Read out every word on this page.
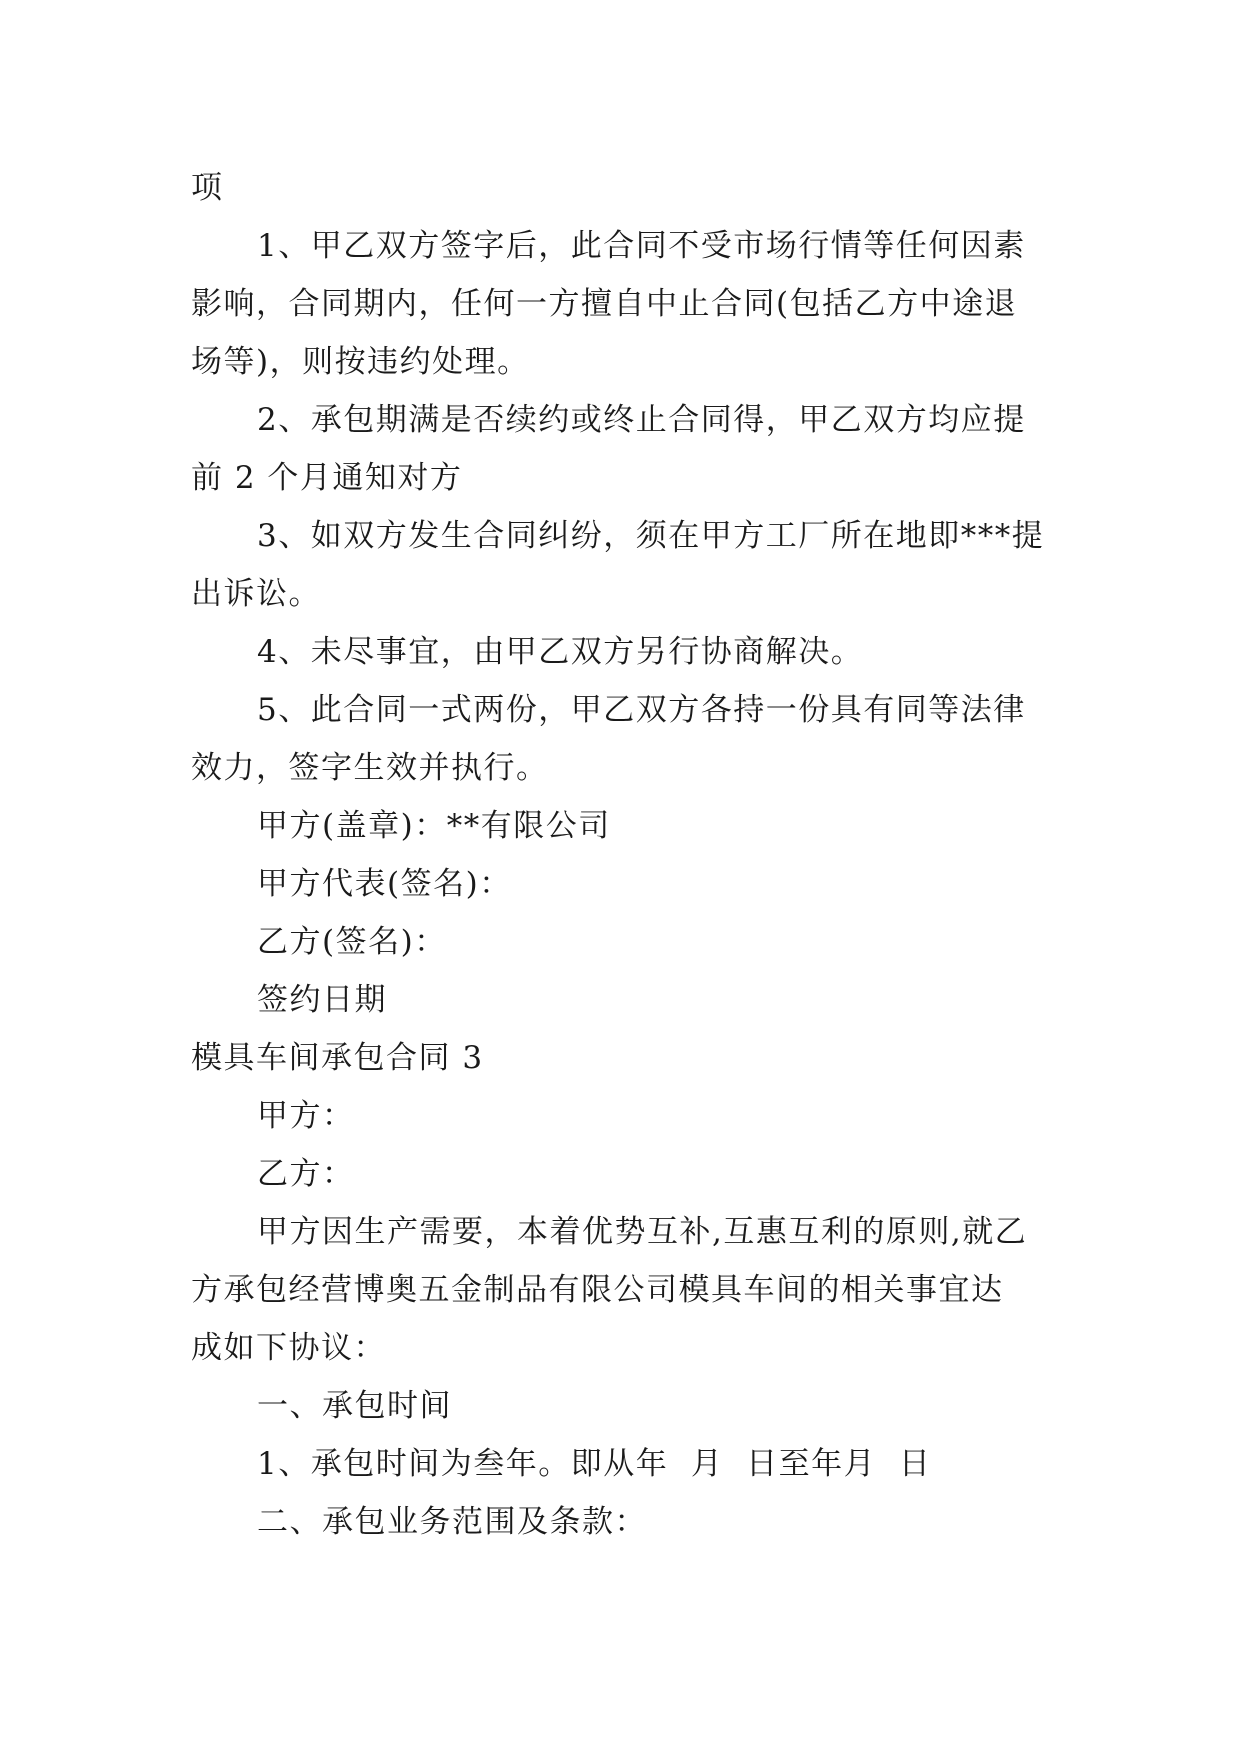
项
1、甲乙双方签字后，此合同不受市场行情等任何因素
影响，合同期内，任何一方擅自中止合同(包括乙方中途退
场等)，则按违约处理。
2、承包期满是否续约或终止合同得，甲乙双方均应提
前 2 个月通知对方
3、如双方发生合同纠纷，须在甲方工厂所在地即***提
出诉讼。
4、未尽事宜，由甲乙双方另行协商解决。
5、此合同一式两份，甲乙双方各持一份具有同等法律
效力，签字生效并执行。
甲方(盖章)：**有限公司
甲方代表(签名)：
乙方(签名)：
签约日期
模具车间承包合同 3
甲方：
乙方：
甲方因生产需要，本着优势互补,互惠互利的原则,就乙
方承包经营博奥五金制品有限公司模具车间的相关事宜达
成如下协议：
一、承包时间
1、承包时间为叁年。即从年  月  日至年月  日
二、承包业务范围及条款：
